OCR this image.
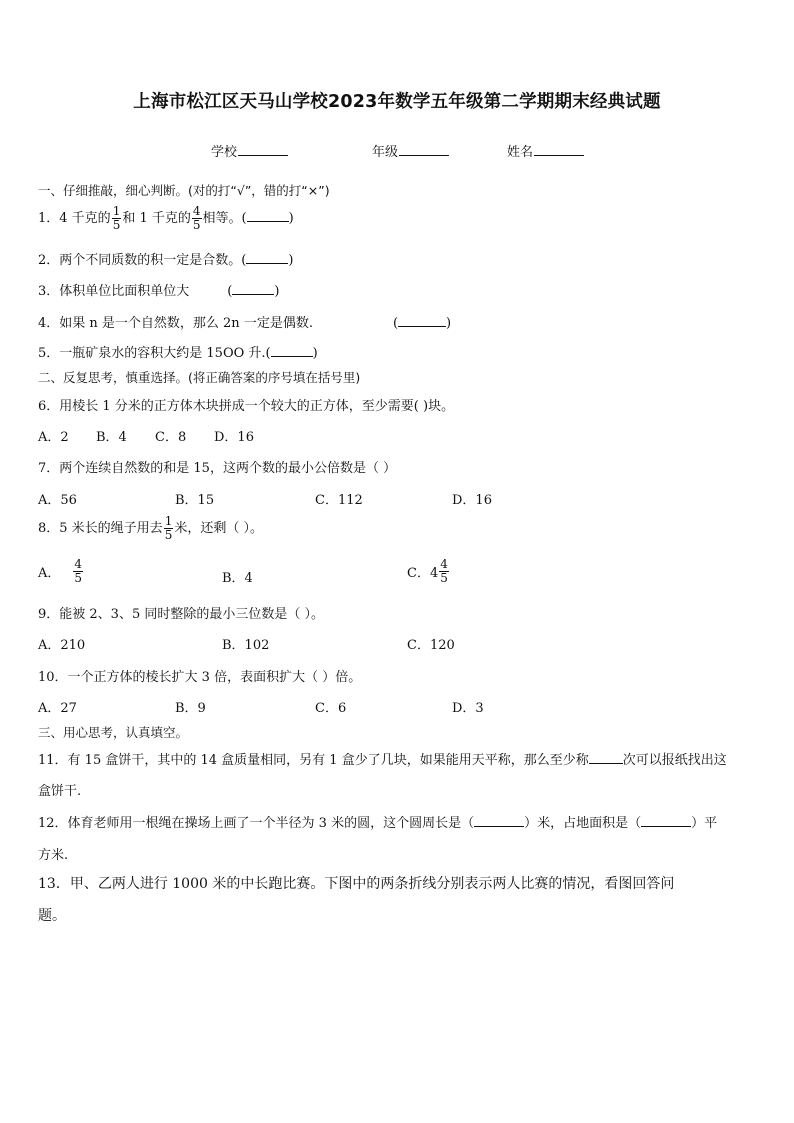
上海市松江区天马山学校2023年数学五年级第二学期期末经典试题
学校	年级	姓名
一、仔细推敲，细心判断。(对的打“√”，错的打“×”)
1．4 千克的 $\frac{1}{5}$ 和 1 千克的 $\frac{4}{5}$ 相等。(	)
2．两个不同质数的积一定是合数。(	)
3．体积单位比面积单位大	(	)
4．如果 n 是一个自然数，那么 2n 一定是偶数.	(	)
5．一瓶矿泉水的容积大约是 15OO 升.(	)
二、反复思考，慎重选择。(将正确答案的序号填在括号里)
6．用棱长 1 分米的正方体木块拼成一个较大的正方体，至少需要( )块。
A．2 B．4 C．8 D．16
7．两个连续自然数的和是 15，这两个数的最小公倍数是（ ）
A．56	B．15	C．112	D．16
8．5 米长的绳子用去 $\frac{1}{5}$ 米，还剩（ ）。
A． $\frac{4}{5}$	B．4	C．$4 \frac{4}{5}$
9．能被 2、3、5 同时整除的最小三位数是（ ）。
A．210	B．102	C．120
10．一个正方体的棱长扩大 3 倍，表面积扩大（ ）倍。
A．27	B．9	C．6	D．3
三、用心思考，认真填空。
11．有 15 盒饼干，其中的 14 盒质量相同，另有 1 盒少了几块，如果能用天平称，那么至少称	次可以报纸找出这
盒饼干.
12．体育老师用一根绳在操场上画了一个半径为 3 米的圆，这个圆周长是（	）米，占地面积是（	）平
方米.
13．甲、乙两人进行 1000 米的中长跑比赛。下图中的两条折线分别表示两人比赛的情况，看图回答问
题。
